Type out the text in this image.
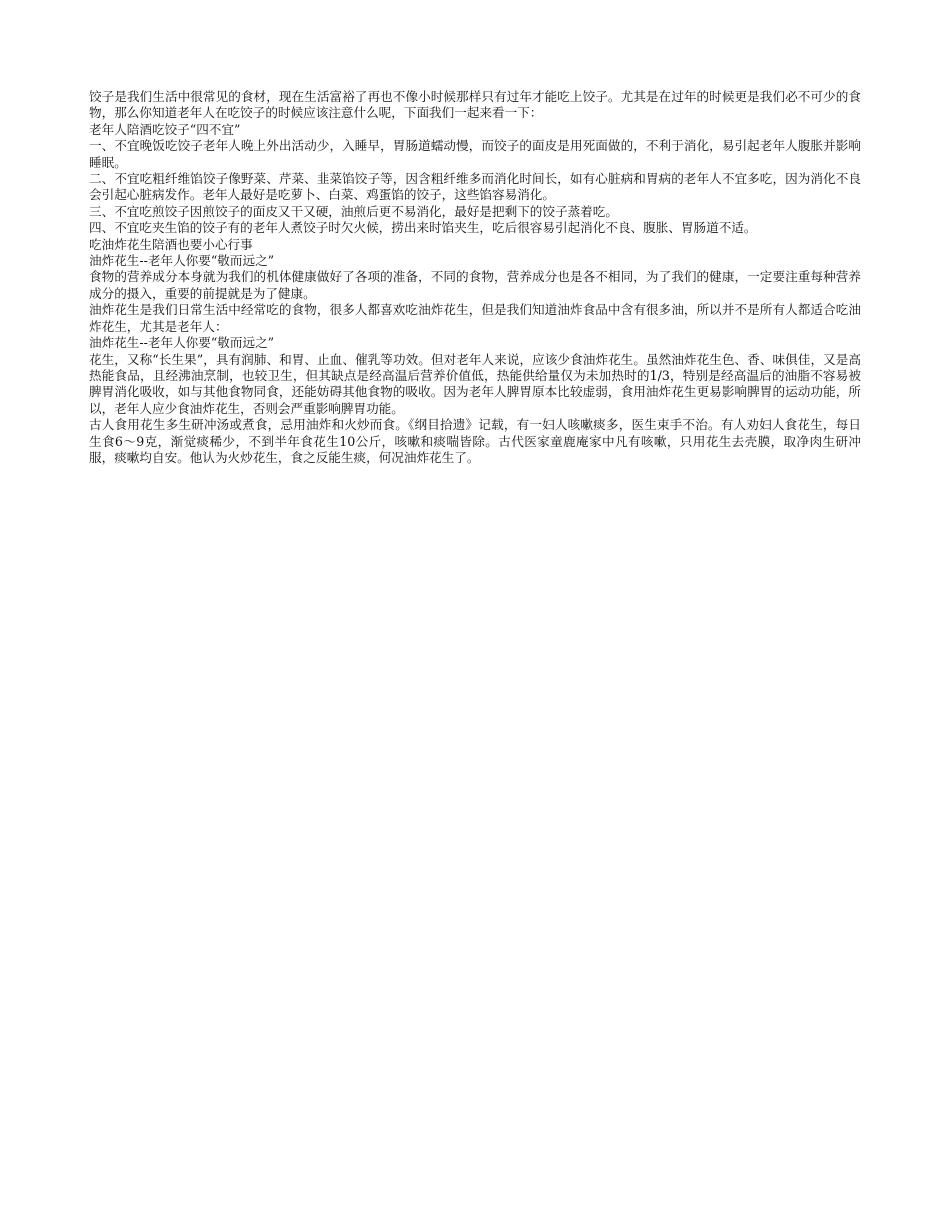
饺子是我们生活中很常见的食材，现在生活富裕了再也不像小时候那样只有过年才能吃上饺子。尤其是在过年的时候更是我们必不可少的食物，那么你知道老年人在吃饺子的时候应该注意什么呢，下面我们一起来看一下：

老年人陪酒吃饺子“四不宜”

一、不宜晚饭吃饺子老年人晚上外出活动少，入睡早，胃肠道蠕动慢，而饺子的面皮是用死面做的，不利于消化，易引起老年人腹胀并影响睡眠。

二、不宜吃粗纤维馅饺子像野菜、芹菜、韭菜馅饺子等，因含粗纤维多而消化时间长，如有心脏病和胃病的老年人不宜多吃，因为消化不良会引起心脏病发作。老年人最好是吃萝卜、白菜、鸡蛋馅的饺子，这些馅容易消化。

三、不宜吃煎饺子因煎饺子的面皮又干又硬，油煎后更不易消化，最好是把剩下的饺子蒸着吃。

四、不宜吃夹生馅的饺子有的老年人煮饺子时欠火候，捞出来时馅夹生，吃后很容易引起消化不良、腹胀、胃肠道不适。

吃油炸花生陪酒也要小心行事

油炸花生--老年人你要“敬而远之”

食物的营养成分本身就为我们的机体健康做好了各项的准备，不同的食物，营养成分也是各不相同，为了我们的健康，一定要注重每种营养成分的摄入，重要的前提就是为了健康。

油炸花生是我们日常生活中经常吃的食物，很多人都喜欢吃油炸花生，但是我们知道油炸食品中含有很多油，所以并不是所有人都适合吃油炸花生，尤其是老年人：

油炸花生--老年人你要“敬而远之”

花生，又称“长生果”，具有润肺、和胃、止血、催乳等功效。但对老年人来说，应该少食油炸花生。虽然油炸花生色、香、味俱佳，又是高热能食品，且经沸油烹制，也较卫生，但其缺点是经高温后营养价值低，热能供给量仅为未加热时的1/3，特别是经高温后的油脂不容易被脾胃消化吸收，如与其他食物同食，还能妨碍其他食物的吸收。因为老年人脾胃原本比较虚弱，食用油炸花生更易影响脾胃的运动功能，所以，老年人应少食油炸花生，否则会严重影响脾胃功能。

古人食用花生多生研冲汤或煮食，忌用油炸和火炒而食。《纲目拾遗》记载，有一妇人咳嗽痰多，医生束手不治。有人劝妇人食花生，每日生食6～9克，渐觉痰稀少，不到半年食花生10公斤，咳嗽和痰喘皆除。古代医家童鹿庵家中凡有咳嗽，只用花生去壳膜，取净肉生研冲服，痰嗽均自安。他认为火炒花生，食之反能生痰，何况油炸花生了。
